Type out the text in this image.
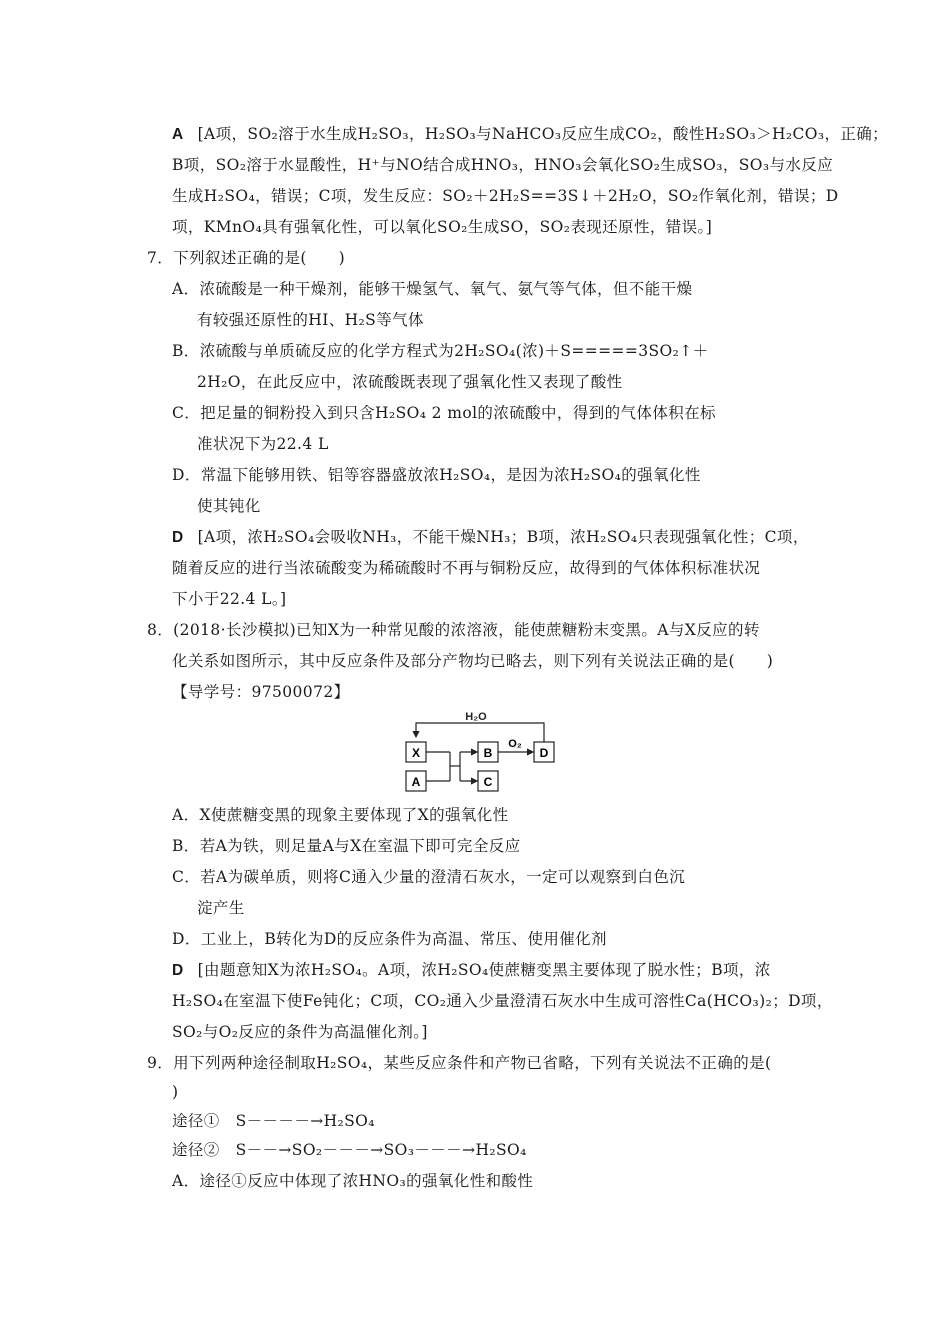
A [A项，SO₂溶于水生成H₂SO₃，H₂SO₃与NaHCO₃反应生成CO₂，酸性H₂SO₃＞H₂CO₃，正确；
B项，SO₂溶于水显酸性，H⁺与NO结合成HNO₃，HNO₃会氧化SO₂生成SO₃，SO₃与水反应
生成H₂SO₄，错误；C项，发生反应：SO₂＋2H₂S==3S↓＋2H₂O，SO₂作氧化剂，错误；D
项，KMnO₄具有强氧化性，可以氧化SO₂生成SO，SO₂表现还原性，错误。]
7．下列叙述正确的是(　　)
A．浓硫酸是一种干燥剂，能够干燥氢气、氧气、氨气等气体，但不能干燥
有较强还原性的HI、H₂S等气体
B．浓硫酸与单质硫反应的化学方程式为2H₂SO₄(浓)＋S=====3SO₂↑＋
2H₂O，在此反应中，浓硫酸既表现了强氧化性又表现了酸性
C．把足量的铜粉投入到只含H₂SO₄ 2 mol的浓硫酸中，得到的气体体积在标
准状况下为22.4 L
D．常温下能够用铁、铝等容器盛放浓H₂SO₄，是因为浓H₂SO₄的强氧化性
使其钝化
D [A项，浓H₂SO₄会吸收NH₃，不能干燥NH₃；B项，浓H₂SO₄只表现强氧化性；C项，
随着反应的进行当浓硫酸变为稀硫酸时不再与铜粉反应，故得到的气体体积标准状况
下小于22.4 L。]
8．(2018·长沙模拟)已知X为一种常见酸的浓溶液，能使蔗糖粉末变黑。A与X反应的转
化关系如图所示，其中反应条件及部分产物均已略去，则下列有关说法正确的是(　　)
【导学号：97500072】
H₂O
X
A
B
C
D
O₂
A．X使蔗糖变黑的现象主要体现了X的强氧化性
B．若A为铁，则足量A与X在室温下即可完全反应
C．若A为碳单质，则将C通入少量的澄清石灰水，一定可以观察到白色沉
淀产生
D．工业上，B转化为D的反应条件为高温、常压、使用催化剂
D [由题意知X为浓H₂SO₄。A项，浓H₂SO₄使蔗糖变黑主要体现了脱水性；B项，浓
H₂SO₄在室温下使Fe钝化；C项，CO₂通入少量澄清石灰水中生成可溶性Ca(HCO₃)₂；D项，
SO₂与O₂反应的条件为高温催化剂。]
9．用下列两种途径制取H₂SO₄，某些反应条件和产物已省略，下列有关说法不正确的是(
)
途径①　S－－－－→H₂SO₄
途径②　S－－→SO₂－－－→SO₃－－－→H₂SO₄
A．途径①反应中体现了浓HNO₃的强氧化性和酸性
